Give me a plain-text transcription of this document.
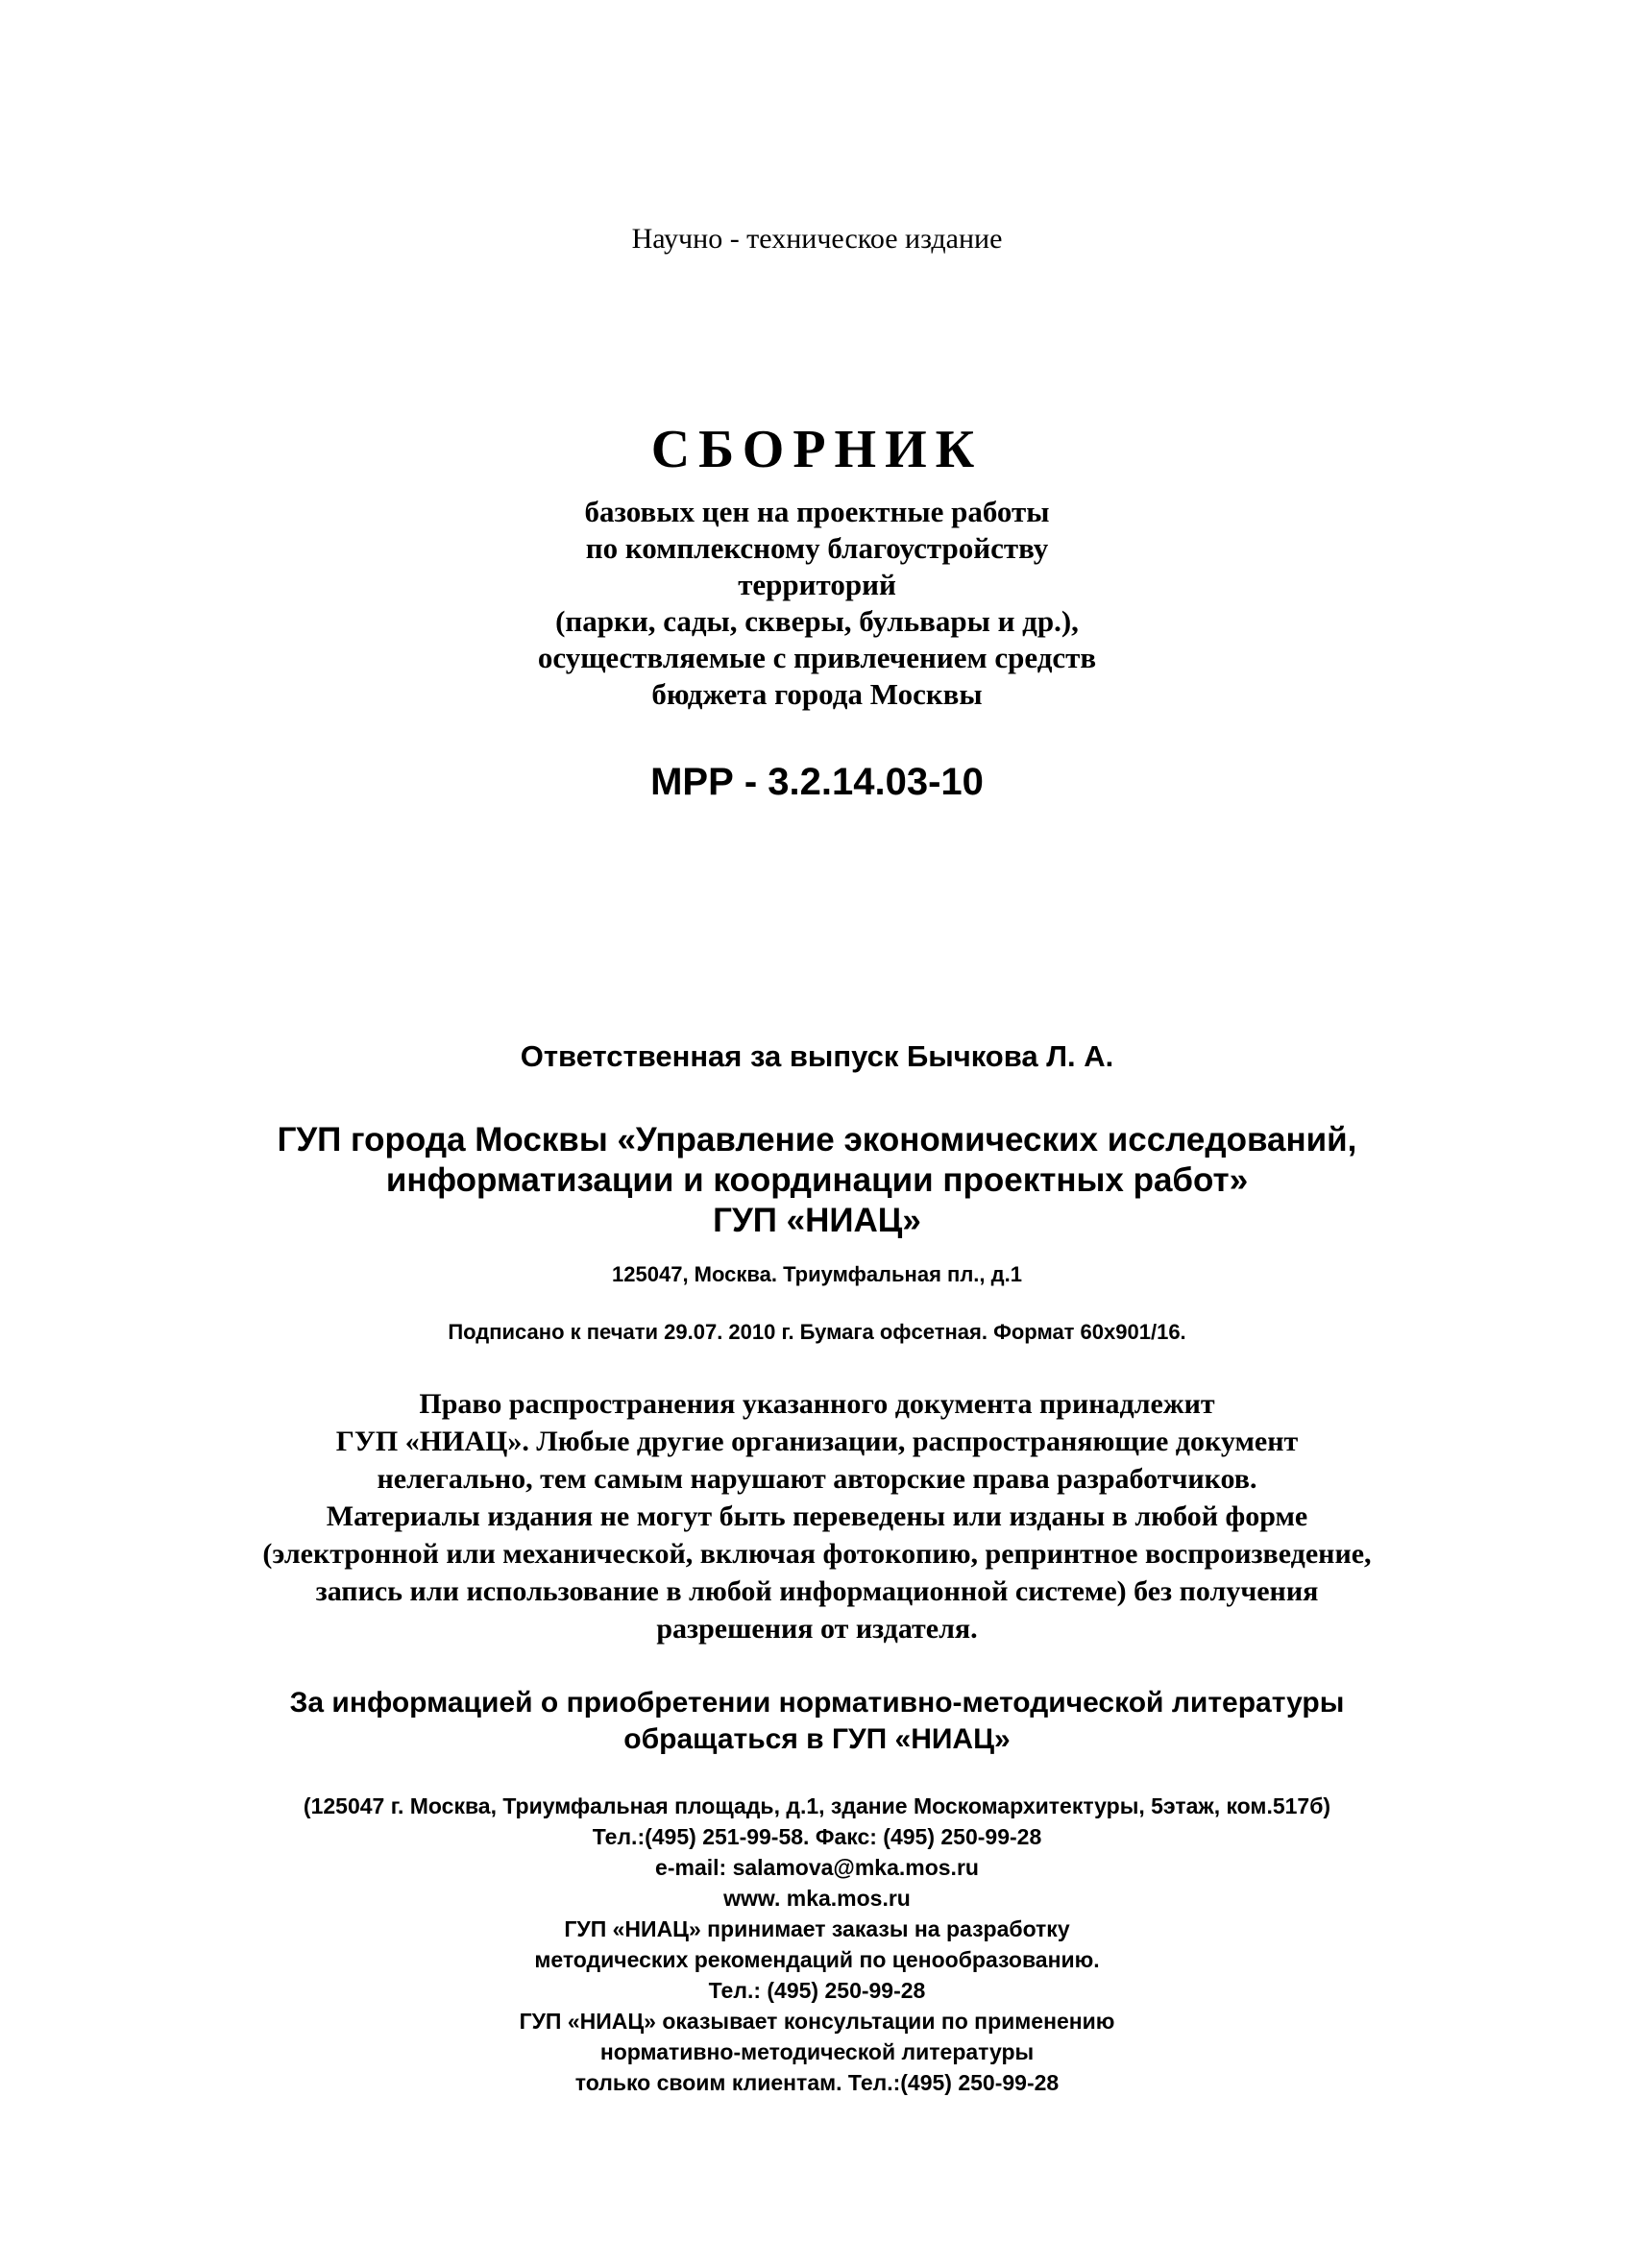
Научно - техническое издание
СБОРНИК
базовых цен на проектные работы
по комплексному благоустройству
территорий
(парки, сады, скверы, бульвары и др.),
осуществляемые с привлечением средств
бюджета города Москвы
МРР - 3.2.14.03-10
Ответственная за выпуск Бычкова Л. А.
ГУП города Москвы «Управление экономических исследований,
информатизации и координации проектных работ»
ГУП «НИАЦ»
125047, Москва. Триумфальная пл., д.1
Подписано к печати 29.07. 2010 г. Бумага офсетная. Формат 60х901/16.
Право распространения указанного документа принадлежит
ГУП «НИАЦ». Любые другие организации, распространяющие документ
нелегально, тем самым нарушают авторские права разработчиков.
Материалы издания не могут быть переведены или изданы в любой форме
(электронной или механической, включая фотокопию, репринтное воспроизведение,
запись или использование в любой информационной системе) без получения
разрешения от издателя.
За информацией о приобретении нормативно-методической литературы
обращаться в ГУП «НИАЦ»
(125047 г. Москва, Триумфальная площадь, д.1, здание Москомархитектуры, 5этаж, ком.517б)
Тел.:(495) 251-99-58. Факс: (495) 250-99-28
e-mail: salamova@mka.mos.ru
www. mka.mos.ru
ГУП «НИАЦ» принимает заказы на разработку
методических рекомендаций по ценообразованию.
Тел.: (495) 250-99-28
ГУП «НИАЦ» оказывает консультации по применению
нормативно-методической литературы
только своим клиентам. Тел.:(495) 250-99-28
